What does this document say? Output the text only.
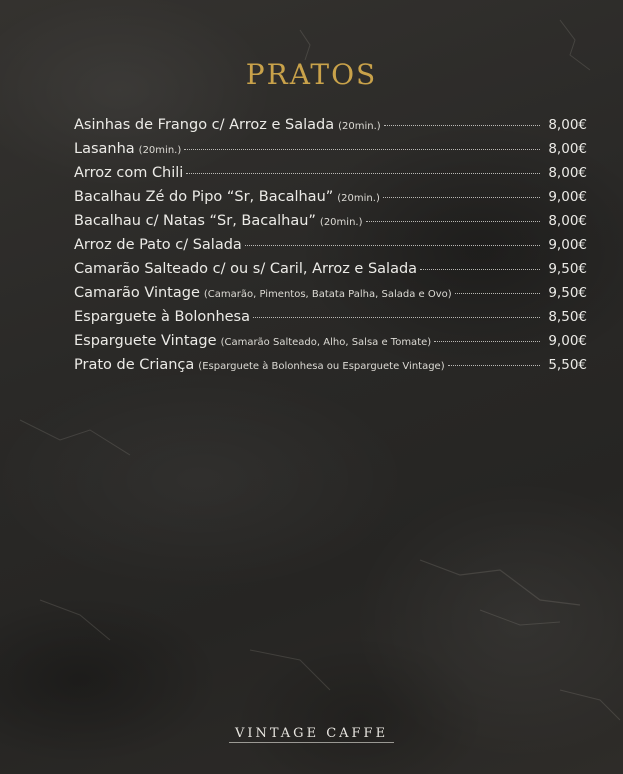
PRATOS
Asinhas de Frango c/ Arroz e Salada (20min.)	8,00€
Lasanha (20min.)	8,00€
Arroz com Chili	8,00€
Bacalhau Zé do Pipo “Sr, Bacalhau” (20min.)	9,00€
Bacalhau c/ Natas “Sr, Bacalhau” (20min.)	8,00€
Arroz de Pato c/ Salada	9,00€
Camarão Salteado c/ ou s/ Caril, Arroz e Salada	9,50€
Camarão Vintage (Camarão, Pimentos, Batata Palha, Salada e Ovo)	9,50€
Esparguete à Bolonhesa	8,50€
Esparguete Vintage (Camarão Salteado, Alho, Salsa e Tomate)	9,00€
Prato de Criança (Esparguete à Bolonhesa ou Esparguete Vintage)	5,50€
VINTAGE CAFFE
